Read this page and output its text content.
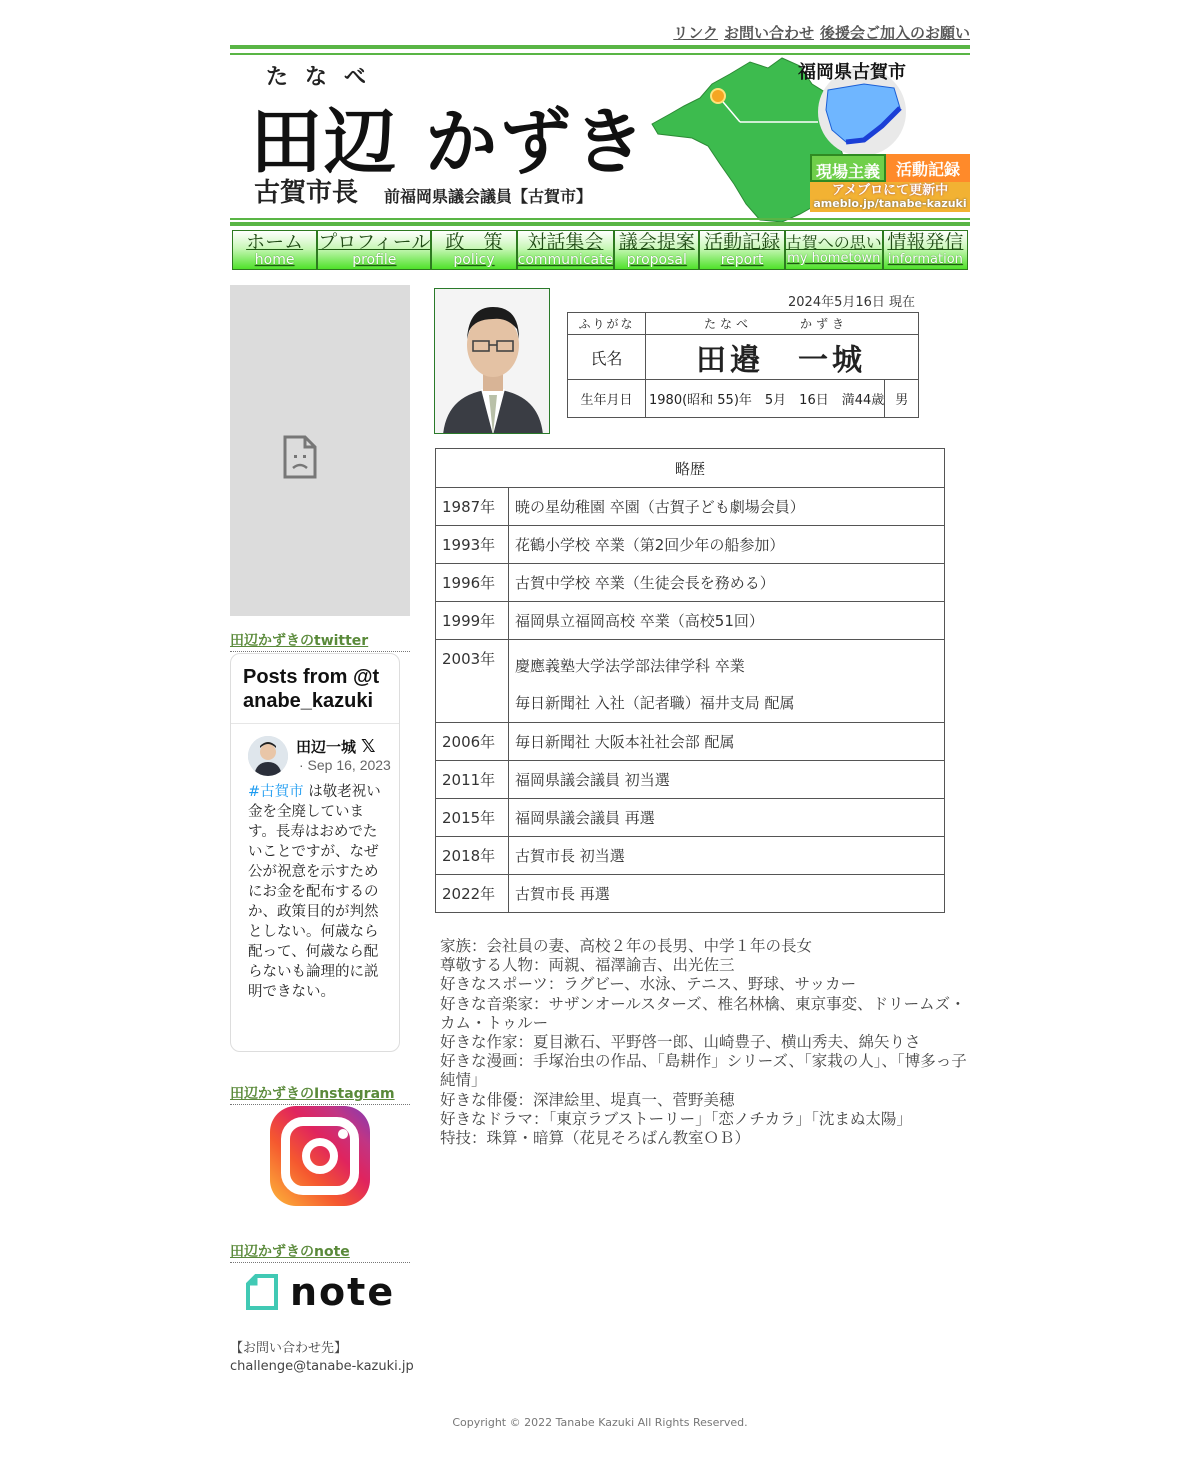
リンク お問い合わせ 後援会ご加入のお願い
たなべ
田辺 かずき
古賀市長 前福岡県議会議員【古賀市】
福岡県古賀市
現場主義 活動記録
アメブロにて更新中
ameblo.jp/tanabe-kazuki
ホーム
home
プロフィール
profile
政　策
policy
対話集会
communicate
議会提案
proposal
活動記録
report
古賀への思い
my hometown
情報発信
information
田辺かずきのtwitter
Posts from @tanabe_kazuki
田辺一城 𝕏
· Sep 16, 2023
#古賀市 は敬老祝い金を全廃しています。長寿はおめでたいことですが、なぜ公が祝意を示すためにお金を配布するのか、政策目的が判然としない。何歳なら配って、何歳なら配らないも論理的に説明できない。
田辺かずきのInstagram
田辺かずきのnote
note
【お問い合わせ先】
challenge@tanabe-kazuki.jp
2024年5月16日 現在
ふりがな	たなべ　　　かずき	
氏名	田邉　一城	
生年月日	1980(昭和 55)年　5月　16日　満44歳	男
略歴	
1987年	暁の星幼稚園 卒園（古賀子ども劇場会員）
1993年	花鶴小学校 卒業（第2回少年の船参加）
1996年	古賀中学校 卒業（生徒会長を務める）
1999年	福岡県立福岡高校 卒業（高校51回）
2003年	慶應義塾大学法学部法律学科 卒業
毎日新聞社 入社（記者職）福井支局 配属

2006年	毎日新聞社 大阪本社社会部 配属
2011年	福岡県議会議員 初当選
2015年	福岡県議会議員 再選
2018年	古賀市長 初当選
2022年	古賀市長 再選
家族：会社員の妻、高校２年の長男、中学１年の長女
尊敬する人物：両親、福澤諭吉、出光佐三
好きなスポーツ：ラグビー、水泳、テニス、野球、サッカー
好きな音楽家：サザンオールスターズ、椎名林檎、東京事変、ドリームズ・カム・トゥルー
好きな作家：夏目漱石、平野啓一郎、山崎豊子、横山秀夫、綿矢りさ
好きな漫画：手塚治虫の作品、「島耕作」シリーズ、「家栽の人」、「博多っ子純情」
好きな俳優：深津絵里、堤真一、菅野美穂
好きなドラマ：「東京ラブストーリー」「恋ノチカラ」「沈まぬ太陽」
特技：珠算・暗算（花見そろばん教室ＯＢ）
Copyright © 2022 Tanabe Kazuki All Rights Reserved.
